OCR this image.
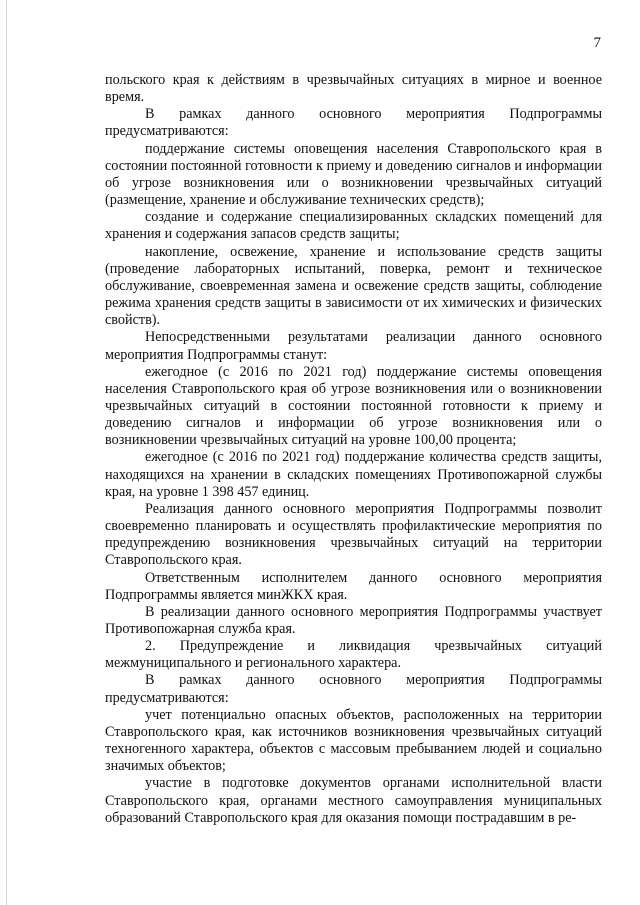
7

польского края к действиям в чрезвычайных ситуациях в мирное и военное время.

В рамках данного основного мероприятия Подпрограммы предусматриваются:

поддержание системы оповещения населения Ставропольского края в состоянии постоянной готовности к приему и доведению сигналов и информации об угрозе возникновения или о возникновении чрезвычайных ситуаций (размещение, хранение и обслуживание технических средств);

создание и содержание специализированных складских помещений для хранения и содержания запасов средств защиты;

накопление, освежение, хранение и использование средств защиты (проведение лабораторных испытаний, поверка, ремонт и техническое обслуживание, своевременная замена и освежение средств защиты, соблюдение режима хранения средств защиты в зависимости от их химических и физических свойств).

Непосредственными результатами реализации данного основного мероприятия Подпрограммы станут:

ежегодное (с 2016 по 2021 год) поддержание системы оповещения населения Ставропольского края об угрозе возникновения или о возникновении чрезвычайных ситуаций в состоянии постоянной готовности к приему и доведению сигналов и информации об угрозе возникновения или о возникновении чрезвычайных ситуаций на уровне 100,00 процента;

ежегодное (с 2016 по 2021 год) поддержание количества средств защиты, находящихся на хранении в складских помещениях Противопожарной службы края, на уровне 1 398 457 единиц.

Реализация данного основного мероприятия Подпрограммы позволит своевременно планировать и осуществлять профилактические мероприятия по предупреждению возникновения чрезвычайных ситуаций на территории Ставропольского края.

Ответственным исполнителем данного основного мероприятия Подпрограммы является минЖКХ края.

В реализации данного основного мероприятия Подпрограммы участвует Противопожарная служба края.

2. Предупреждение и ликвидация чрезвычайных ситуаций межмуниципального и регионального характера.

В рамках данного основного мероприятия Подпрограммы предусматриваются:

учет потенциально опасных объектов, расположенных на территории Ставропольского края, как источников возникновения чрезвычайных ситуаций техногенного характера, объектов с массовым пребыванием людей и социально значимых объектов;

участие в подготовке документов органами исполнительной власти Ставропольского края, органами местного самоуправления муниципальных образований Ставропольского края для оказания помощи пострадавшим в ре-
